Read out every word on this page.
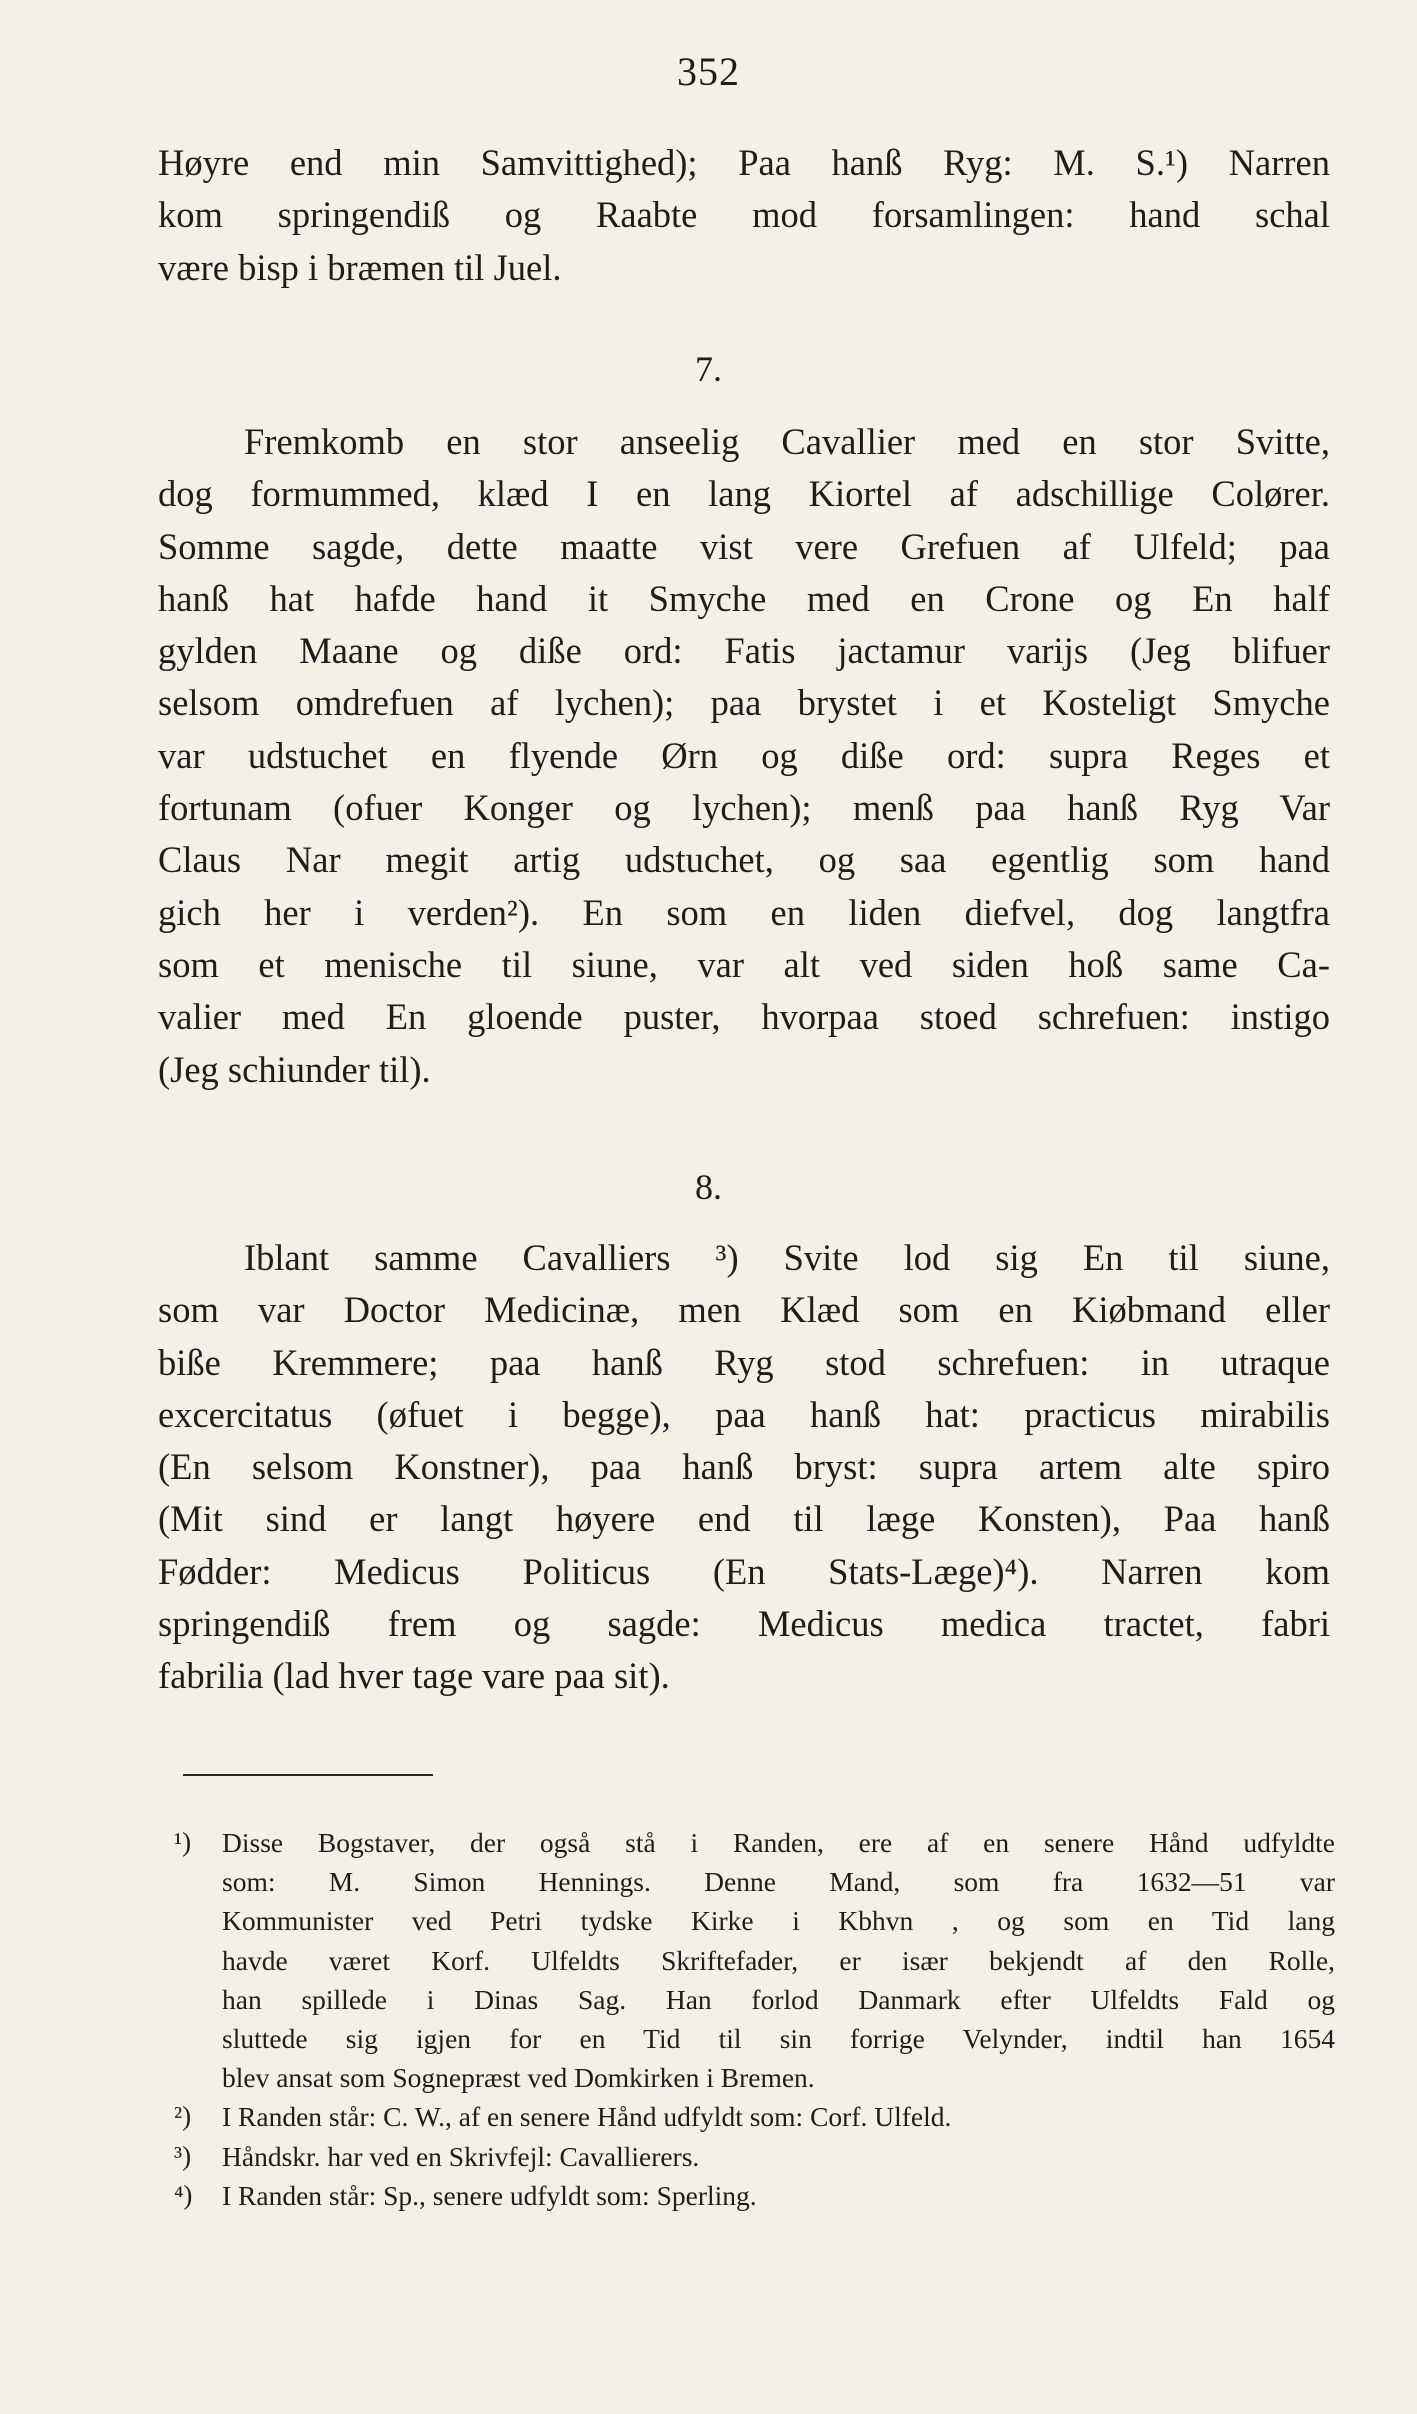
352
Høyre end min Samvittighed); Paa hanß Ryg: M. S.¹) Narren
kom springendiß og Raabte mod forsamlingen: hand schal
være bisp i bræmen til Juel.
7.
Fremkomb en stor anseelig Cavallier med en stor Svitte,
dog formummed, klæd I en lang Kiortel af adschillige Colører.
Somme sagde, dette maatte vist vere Grefuen af Ulfeld; paa
hanß hat hafde hand it Smyche med en Crone og En half
gylden Maane og diße ord: Fatis jactamur varijs (Jeg blifuer
selsom omdrefuen af lychen); paa brystet i et Kosteligt Smyche
var udstuchet en flyende Ørn og diße ord: supra Reges et
fortunam (ofuer Konger og lychen); menß paa hanß Ryg Var
Claus Nar megit artig udstuchet, og saa egentlig som hand
gich her i verden²). En som en liden diefvel, dog langtfra
som et menische til siune, var alt ved siden hoß same Ca-
valier med En gloende puster, hvorpaa stoed schrefuen: instigo
(Jeg schiunder til).
8.
Iblant samme Cavalliers ³) Svite lod sig En til siune,
som var Doctor Medicinæ, men Klæd som en Kiøbmand eller
biße Kremmere; paa hanß Ryg stod schrefuen: in utraque
excercitatus (øfuet i begge), paa hanß hat: practicus mirabilis
(En selsom Konstner), paa hanß bryst: supra artem alte spiro
(Mit sind er langt høyere end til læge Konsten), Paa hanß
Fødder: Medicus Politicus (En Stats-Læge)⁴). Narren kom
springendiß frem og sagde: Medicus medica tractet, fabri
fabrilia (lad hver tage vare paa sit).
¹) Disse Bogstaver, der også stå i Randen, ere af en senere Hånd udfyldte
som: M. Simon Hennings. Denne Mand, som fra 1632—51 var
Kommunister ved Petri tydske Kirke i Kbhvn , og som en Tid lang
havde været Korf. Ulfeldts Skriftefader, er især bekjendt af den Rolle,
han spillede i Dinas Sag. Han forlod Danmark efter Ulfeldts Fald og
sluttede sig igjen for en Tid til sin forrige Velynder, indtil han 1654
blev ansat som Sognepræst ved Domkirken i Bremen.
²) I Randen står: C. W., af en senere Hånd udfyldt som: Corf. Ulfeld.
³) Håndskr. har ved en Skrivfejl: Cavallierers.
⁴) I Randen står: Sp., senere udfyldt som: Sperling.
